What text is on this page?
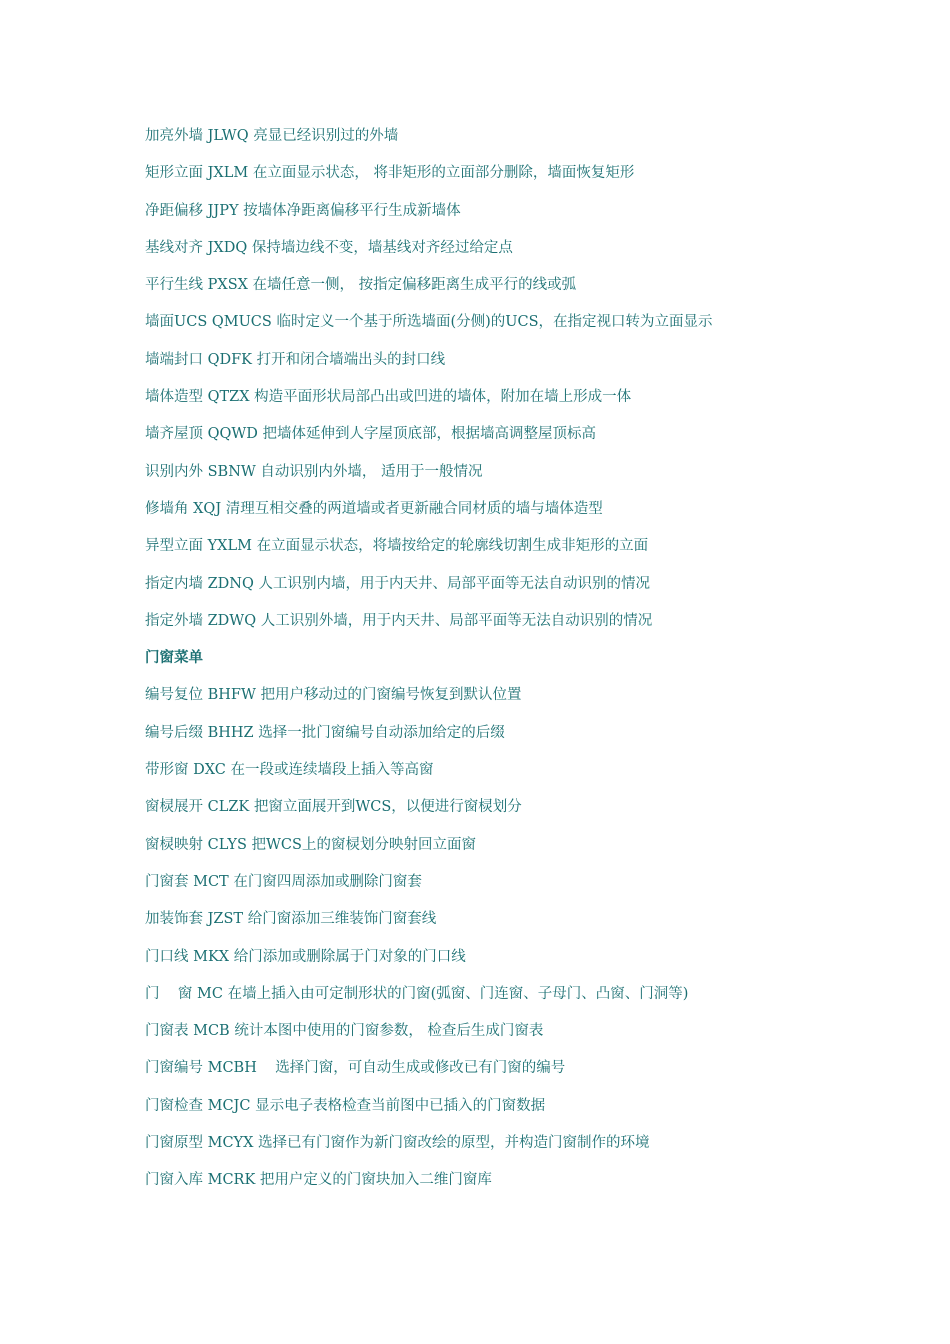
加亮外墙 JLWQ 亮显已经识别过的外墙
矩形立面 JXLM 在立面显示状态， 将非矩形的立面部分删除，墙面恢复矩形
净距偏移 JJPY 按墙体净距离偏移平行生成新墙体
基线对齐 JXDQ 保持墙边线不变，墙基线对齐经过给定点
平行生线 PXSX 在墙任意一侧， 按指定偏移距离生成平行的线或弧
墙面UCS QMUCS 临时定义一个基于所选墙面(分侧)的UCS，在指定视口转为立面显示
墙端封口 QDFK 打开和闭合墙端出头的封口线
墙体造型 QTZX 构造平面形状局部凸出或凹进的墙体，附加在墙上形成一体
墙齐屋顶 QQWD 把墙体延伸到人字屋顶底部，根据墙高调整屋顶标高
识别内外 SBNW 自动识别内外墙， 适用于一般情况
修墙角 XQJ 清理互相交叠的两道墙或者更新融合同材质的墙与墙体造型
异型立面 YXLM 在立面显示状态，将墙按给定的轮廓线切割生成非矩形的立面
指定内墙 ZDNQ 人工识别内墙，用于内天井、局部平面等无法自动识别的情况
指定外墙 ZDWQ 人工识别外墙，用于内天井、局部平面等无法自动识别的情况
门窗菜单
编号复位 BHFW 把用户移动过的门窗编号恢复到默认位置
编号后缀 BHHZ 选择一批门窗编号自动添加给定的后缀
带形窗 DXC 在一段或连续墙段上插入等高窗
窗棂展开 CLZK 把窗立面展开到WCS，以便进行窗棂划分
窗棂映射 CLYS 把WCS上的窗棂划分映射回立面窗
门窗套 MCT 在门窗四周添加或删除门窗套
加装饰套 JZST 给门窗添加三维装饰门窗套线
门口线 MKX 给门添加或删除属于门对象的门口线
门    窗 MC 在墙上插入由可定制形状的门窗(弧窗、门连窗、子母门、凸窗、门洞等)
门窗表 MCB 统计本图中使用的门窗参数， 检查后生成门窗表
门窗编号 MCBH    选择门窗，可自动生成或修改已有门窗的编号
门窗检查 MCJC 显示电子表格检查当前图中已插入的门窗数据
门窗原型 MCYX 选择已有门窗作为新门窗改绘的原型，并构造门窗制作的环境
门窗入库 MCRK 把用户定义的门窗块加入二维门窗库
